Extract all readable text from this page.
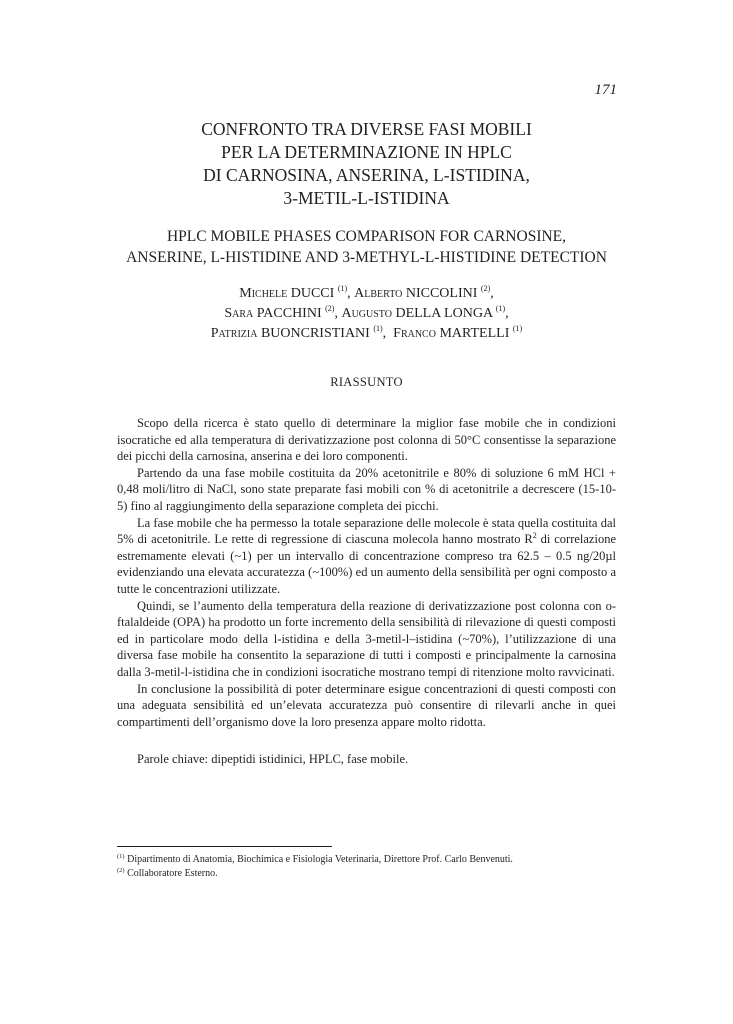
171
CONFRONTO TRA DIVERSE FASI MOBILI
PER LA DETERMINAZIONE IN HPLC
DI CARNOSINA, ANSERINA, L-ISTIDINA,
3-METIL-L-ISTIDINA
HPLC MOBILE PHASES COMPARISON FOR CARNOSINE,
ANSERINE, L-HISTIDINE AND 3-METHYL-L-HISTIDINE DETECTION
Michele DUCCI $^{(1)}$, Alberto NICCOLINI $^{(2)}$,
Sara PACCHINI $^{(2)}$, Augusto DELLA LONGA $^{(1)}$,
Patrizia BUONCRISTIANI $^{(1)}$,  Franco MARTELLI $^{(1)}$
RIASSUNTO

Scopo della ricerca è stato quello di determinare la miglior fase mobile che in condizioni isocratiche ed alla temperatura di derivatizzazione post colonna di 50°C consentisse la separazione dei picchi della carnosina, anserina e dei loro componenti.

Partendo da una fase mobile costituita da 20% acetonitrile e 80% di soluzione 6 mM HCl + 0,48 moli/litro di NaCl, sono state preparate fasi mobili con % di acetonitrile a decrescere (15-10-5) fino al raggiungimento della separazione completa dei picchi.

La fase mobile che ha permesso la totale separazione delle molecole è stata quella costituita dal 5% di acetonitrile. Le rette di regressione di ciascuna molecola hanno mostrato $R^2$ di correlazione estremamente elevati (~1) per un intervallo di concentrazione compreso tra 62.5 – 0.5 ng/20µl evidenziando una elevata accuratezza (~100%) ed un aumento della sensibilità per ogni composto a tutte le concentrazioni utilizzate.

Quindi, se l’aumento della temperatura della reazione di derivatizzazione post colonna con o-ftalaldeide (OPA) ha prodotto un forte incremento della sensibilità di rilevazione di questi composti ed in particolare modo della l-istidina e della 3-metil-l–istidina (~70%), l’utilizzazione di una diversa fase mobile ha consentito la separazione di tutti i composti e principalmente la carnosina dalla 3-metil-l-istidina che in condizioni isocratiche mostrano tempi di ritenzione molto ravvicinati.

In conclusione la possibilità di poter determinare esigue concentrazioni di questi composti con una adeguata sensibilità ed un’elevata accuratezza può consentire di rilevarli anche in quei compartimenti dell’organismo dove la loro presenza appare molto ridotta.

Parole chiave: dipeptidi istidinici, HPLC, fase mobile.
$^{(1)}$ Dipartimento di Anatomia, Biochimica e Fisiologia Veterinaria, Direttore Prof. Carlo Benvenuti.
$^{(2)}$ Collaboratore Esterno.
